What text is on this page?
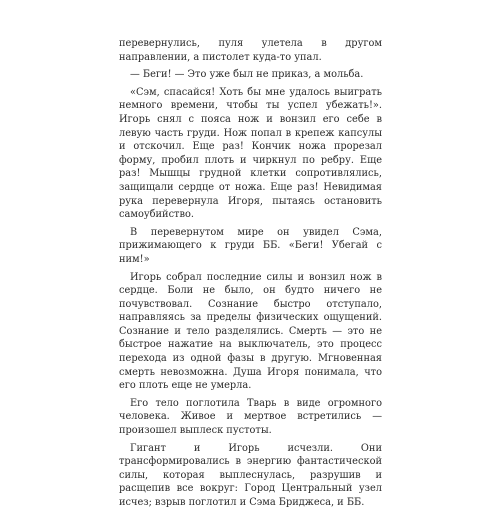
перевернулись, пуля улетела в другом направлении, а пистолет куда-то упал.

— Беги! — Это уже был не приказ, а мольба.

«Сэм, спасайся! Хоть бы мне удалось выиграть немного времени, чтобы ты успел убежать!». Игорь снял с пояса нож и вонзил его себе в левую часть груди. Нож попал в крепеж капсулы и отскочил. Еще раз! Кончик ножа прорезал форму, пробил плоть и чиркнул по ребру. Еще раз! Мышцы грудной клетки сопротивлялись, защищали сердце от ножа. Еще раз! Невидимая рука перевернула Игоря, пытаясь остановить самоубийство.

В перевернутом мире он увидел Сэма, прижимающего к груди ББ. «Беги! Убегай с ним!»

Игорь собрал последние силы и вонзил нож в сердце. Боли не было, он будто ничего не почувствовал. Сознание быстро отступало, направляясь за пределы физических ощущений. Сознание и тело разделялись. Смерть — это не быстрое нажатие на выключатель, это процесс перехода из одной фазы в другую. Мгновенная смерть невозможна. Душа Игоря понимала, что его плоть еще не умерла.

Его тело поглотила Тварь в виде огромного человека. Живое и мертвое встретились — произошел выплеск пустоты.

Гигант и Игорь исчезли. Они трансформировались в энергию фантастической силы, которая выплеснулась, разрушив и расщепив все вокруг: Город Центральный узел исчез; взрыв поглотил и Сэма Бриджеса, и ББ.
